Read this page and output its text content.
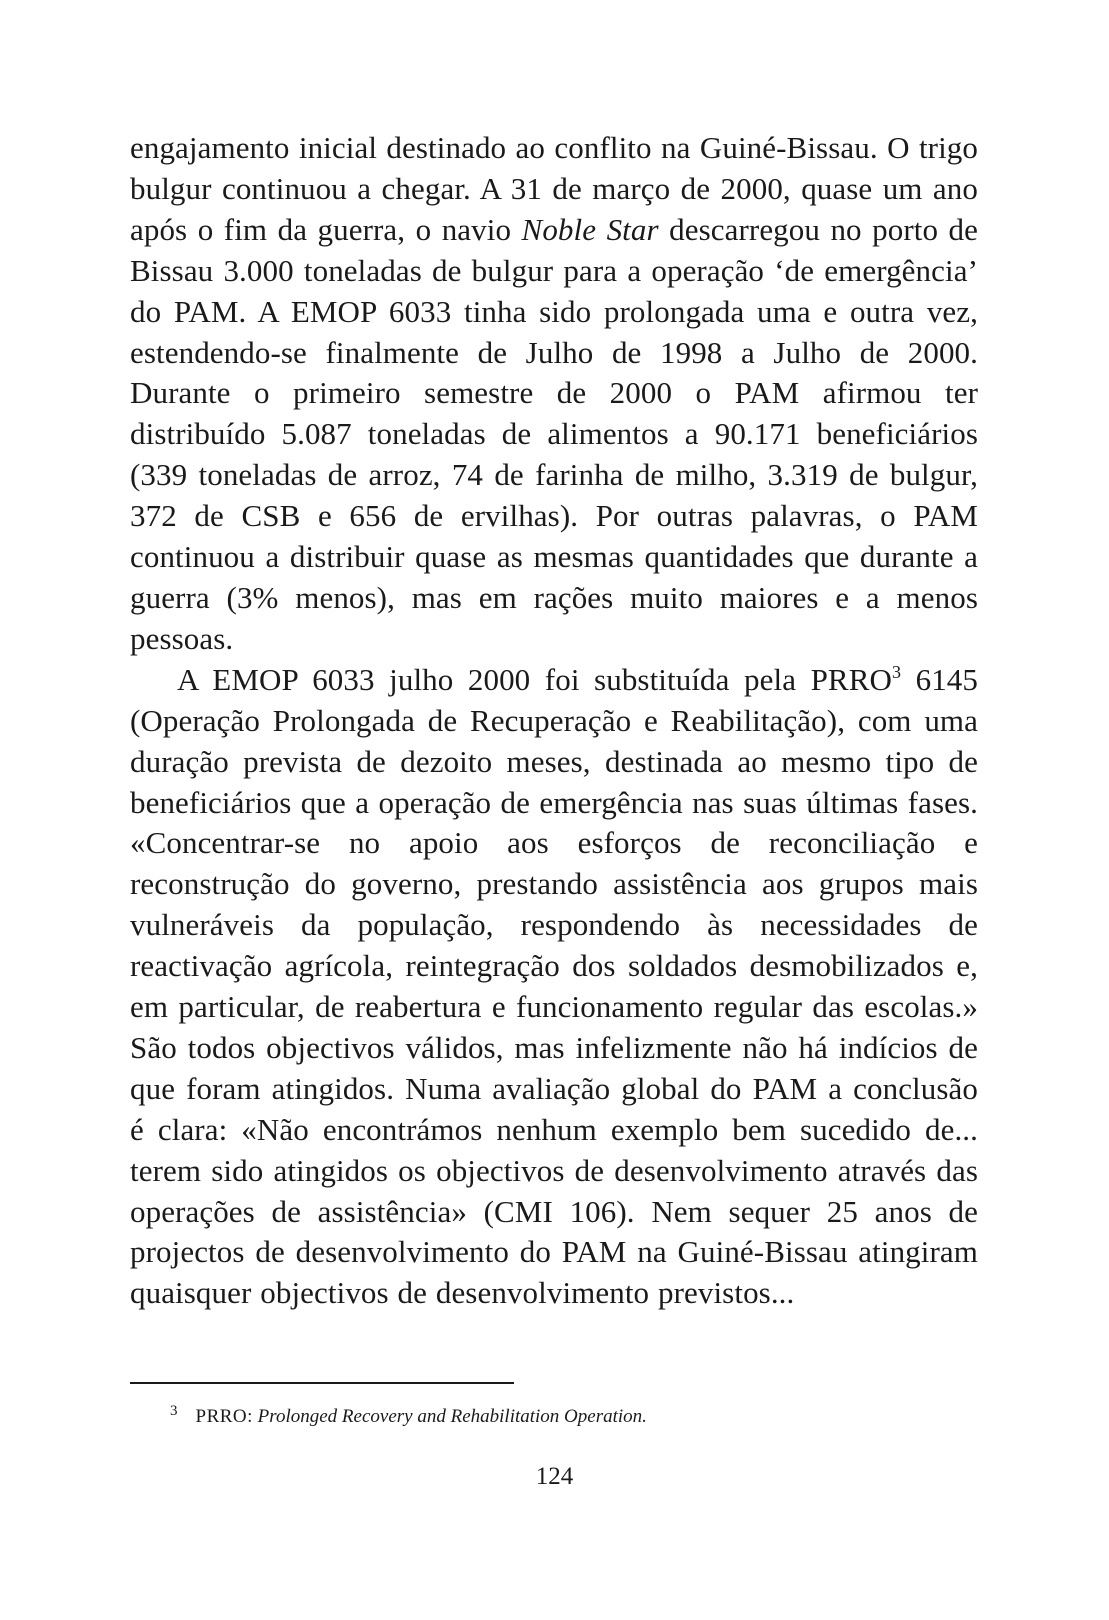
engajamento inicial destinado ao conflito na Guiné-Bissau. O trigo bulgur continuou a chegar. A 31 de março de 2000, quase um ano após o fim da guerra, o navio Noble Star descarregou no porto de Bissau 3.000 toneladas de bulgur para a operação ‘de emergência’ do PAM. A EMOP 6033 tinha sido prolongada uma e outra vez, estendendo-se finalmente de Julho de 1998 a Julho de 2000. Durante o primeiro semestre de 2000 o PAM afirmou ter distribuído 5.087 toneladas de alimentos a 90.171 beneficiários (339 toneladas de arroz, 74 de farinha de milho, 3.319 de bulgur, 372 de CSB e 656 de ervilhas). Por outras palavras, o PAM continuou a distribuir quase as mesmas quantidades que durante a guerra (3% menos), mas em rações muito maiores e a menos pessoas.

A EMOP 6033 julho 2000 foi substituída pela PRRO$^3$ 6145 (Operação Prolongada de Recuperação e Reabilitação), com uma duração prevista de dezoito meses, destinada ao mesmo tipo de beneficiários que a operação de emergência nas suas últimas fases. «Concentrar-se no apoio aos esforços de reconciliação e reconstrução do governo, prestando assistência aos grupos mais vulneráveis da população, respondendo às necessidades de reactivação agrícola, reintegração dos soldados desmobilizados e, em particular, de reabertura e funcionamento regular das escolas.» São todos objectivos válidos, mas infelizmente não há indícios de que foram atingidos. Numa avaliação global do PAM a conclusão é clara: «Não encontrámos nenhum exemplo bem sucedido de... terem sido atingidos os objectivos de desenvolvimento através das operações de assistência» (CMI 106). Nem sequer 25 anos de projectos de desenvolvimento do PAM na Guiné-Bissau atingiram quaisquer objectivos de desenvolvimento previstos...

$^3$ PRRO: Prolonged Recovery and Rehabilitation Operation.
124
